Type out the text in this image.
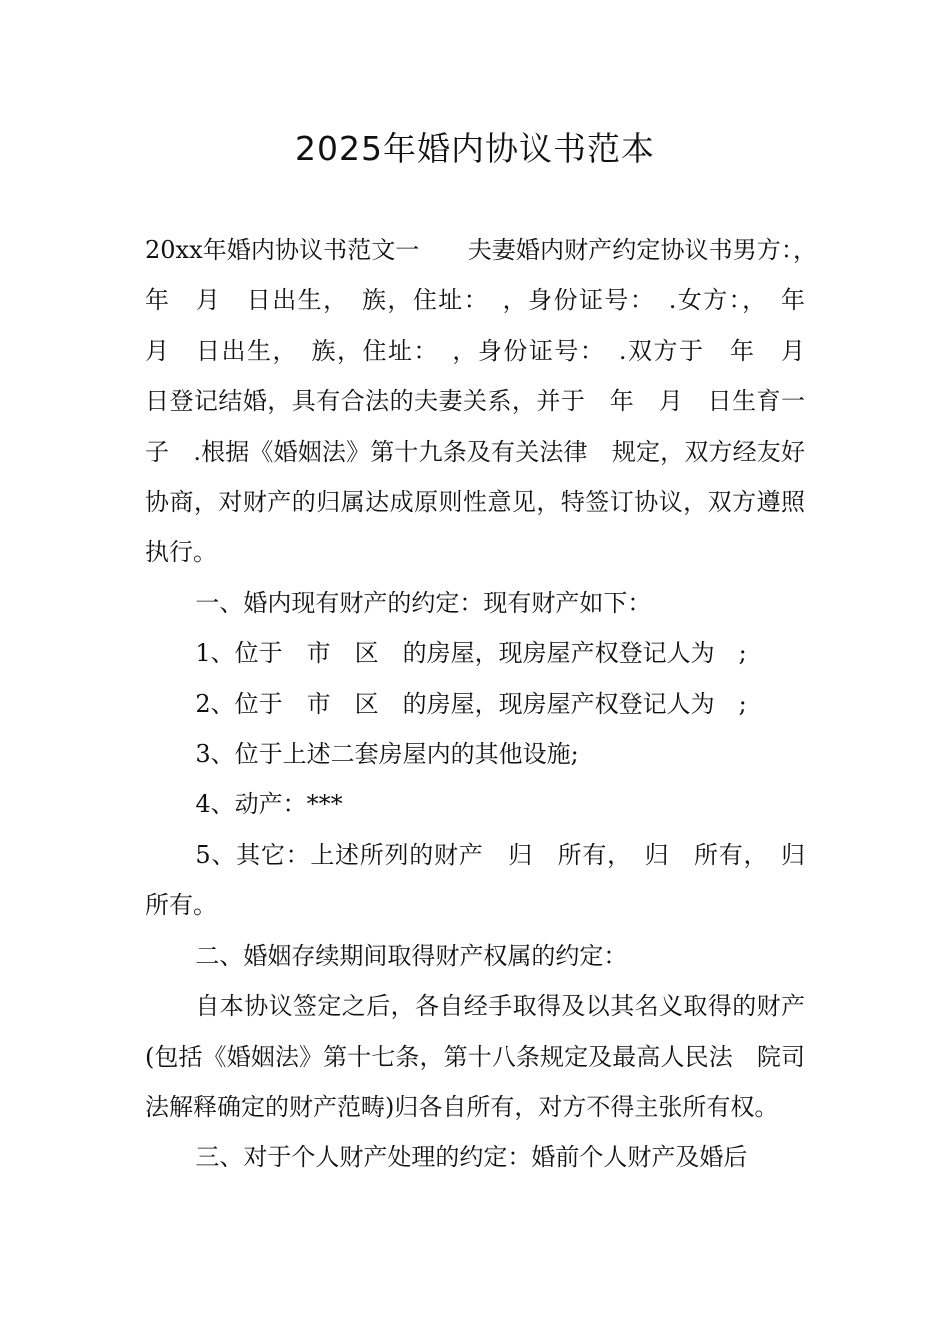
2025年婚内协议书范本

20xx年婚内协议书范文一　　夫妻婚内财产约定协议书男方：，　年　月　日出生，　族，住址：　，身份证号：　.女方：，　年　月　日出生，　族，住址：　，身份证号：　.双方于　年　月　日登记结婚，具有合法的夫妻关系，并于　年　月　日生育一子　.根据《婚姻法》第十九条及有关法律　规定，双方经友好协商，对财产的归属达成原则性意见，特签订协议，双方遵照执行。

一、婚内现有财产的约定：现有财产如下：

1、位于　市　区　的房屋，现房屋产权登记人为　;

2、位于　市　区　的房屋，现房屋产权登记人为　;

3、位于上述二套房屋内的其他设施;

4、动产：***

5、其它：上述所列的财产　归　所有，　归　所有，　归　所有。

二、婚姻存续期间取得财产权属的约定：

自本协议签定之后，各自经手取得及以其名义取得的财产(包括《婚姻法》第十七条，第十八条规定及最高人民法　院司法解释确定的财产范畴)归各自所有，对方不得主张所有权。

三、对于个人财产处理的约定：婚前个人财产及婚后
